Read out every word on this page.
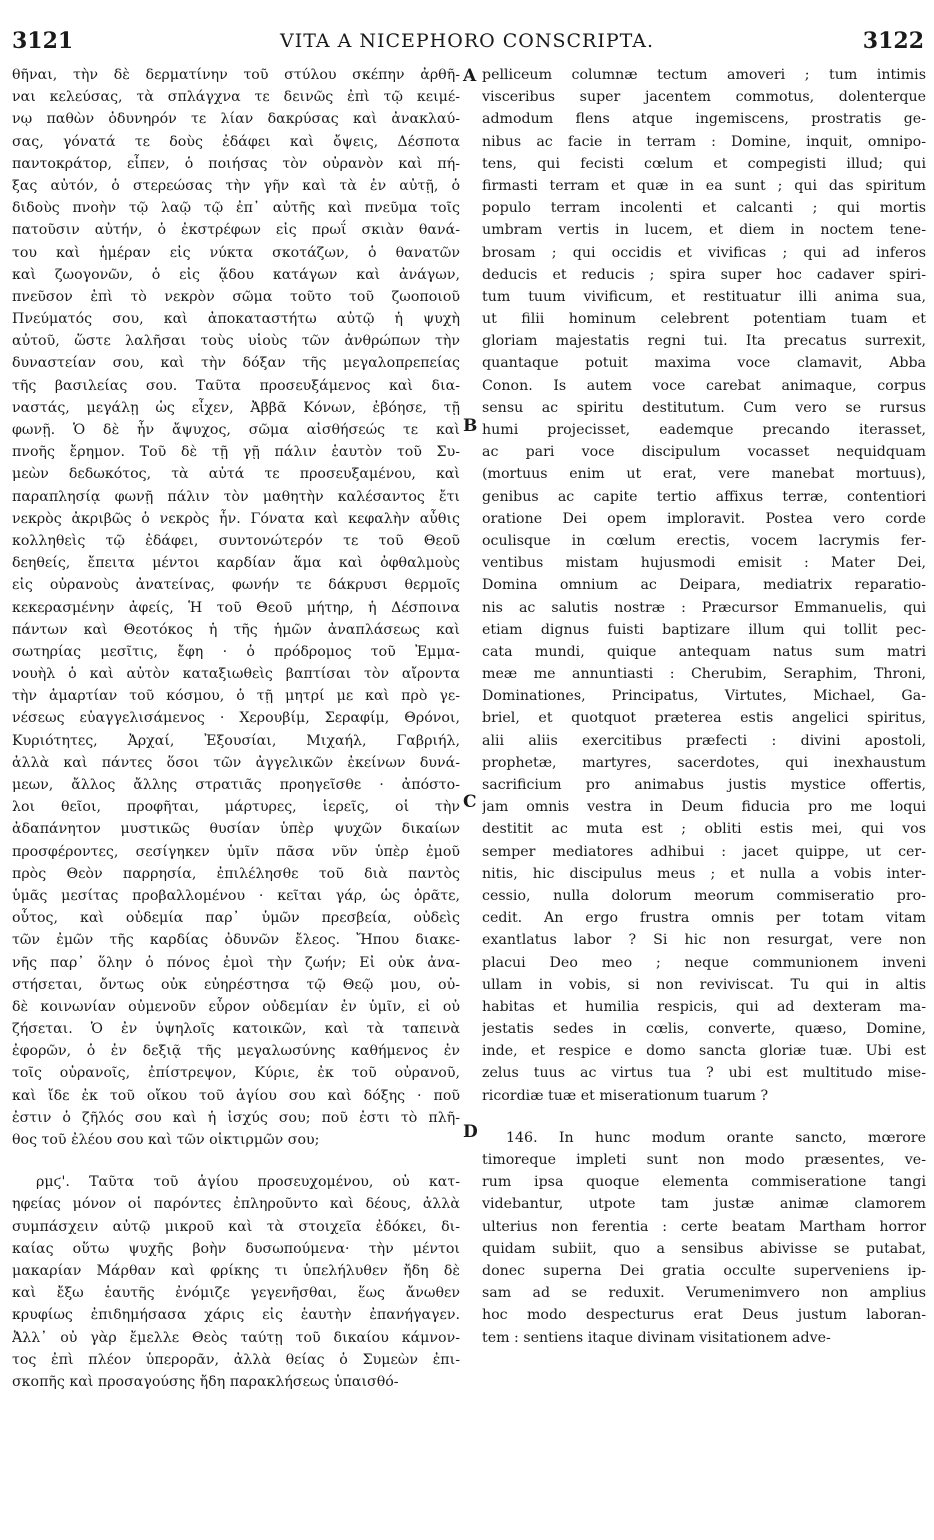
3121	VITA A NICEPHORO CONSCRIPTA.	3122
A
B
C
D
θῆναι, τὴν δὲ δερματίνην τοῦ στύλου σκέπην ἀρθῆ-
ναι κελεύσας, τὰ σπλάγχνα τε δεινῶς ἐπὶ τῷ κειμέ-
νῳ παθὼν ὀδυνηρόν τε λίαν δακρύσας καὶ ἀνακλαύ-
σας, γόνατά τε δοὺς ἐδάφει καὶ ὄψεις, Δέσποτα
παντοκράτορ, εἶπεν, ὁ ποιήσας τὸν οὐρανὸν καὶ πή-
ξας αὐτόν, ὁ στερεώσας τὴν γῆν καὶ τὰ ἐν αὐτῇ, ὁ
διδοὺς πνοὴν τῷ λαῷ τῷ ἐπ᾿ αὐτῆς καὶ πνεῦμα τοῖς
πατοῦσιν αὐτήν, ὁ ἐκστρέφων εἰς πρωΐ σκιὰν θανά-
του καὶ ἡμέραν εἰς νύκτα σκοτάζων, ὁ θανατῶν
καὶ ζωογονῶν, ὁ εἰς ᾅδου κατάγων καὶ ἀνάγων,
πνεῦσον ἐπὶ τὸ νεκρὸν σῶμα τοῦτο τοῦ ζωοποιοῦ
Πνεύματός σου, καὶ ἀποκαταστήτω αὐτῷ ἡ ψυχὴ
αὐτοῦ, ὥστε λαλῆσαι τοὺς υἱοὺς τῶν ἀνθρώπων τὴν
δυναστείαν σου, καὶ τὴν δόξαν τῆς μεγαλοπρεπείας
τῆς βασιλείας σου. Ταῦτα προσευξάμενος καὶ δια-
ναστάς, μεγάλῃ ὡς εἶχεν, Ἀββᾶ Κόνων, ἐβόησε, τῇ
φωνῇ. Ὁ δὲ ἦν ἄψυχος, σῶμα αἰσθήσεώς τε καὶ
πνοῆς ἔρημον. Τοῦ δὲ τῇ γῇ πάλιν ἑαυτὸν τοῦ Συ-
μεὼν δεδωκότος, τὰ αὐτά τε προσευξαμένου, καὶ
παραπλησίᾳ φωνῇ πάλιν τὸν μαθητὴν καλέσαντος ἔτι
νεκρὸς ἀκριβῶς ὁ νεκρὸς ἦν. Γόνατα καὶ κεφαλὴν αὖθις
κολληθεὶς τῷ ἐδάφει, συντονώτερόν τε τοῦ Θεοῦ
δεηθείς, ἔπειτα μέντοι καρδίαν ἅμα καὶ ὀφθαλμοὺς
εἰς οὐρανοὺς ἀνατείνας, φωνήν τε δάκρυσι θερμοῖς
κεκερασμένην ἀφείς, Ἡ τοῦ Θεοῦ μήτηρ, ἡ Δέσποινα
πάντων καὶ Θεοτόκος ἡ τῆς ἡμῶν ἀναπλάσεως καὶ
σωτηρίας μεσῖτις, ἔφη · ὁ πρόδρομος τοῦ Ἐμμα-
νουὴλ ὁ καὶ αὐτὸν καταξιωθεὶς βαπτίσαι τὸν αἴροντα
τὴν ἁμαρτίαν τοῦ κόσμου, ὁ τῇ μητρί με καὶ πρὸ γε-
νέσεως εὐαγγελισάμενος · Χερουβίμ, Σεραφίμ, Θρόνοι,
Κυριότητες, Ἀρχαί, Ἐξουσίαι, Μιχαήλ, Γαβριήλ,
ἀλλὰ καὶ πάντες ὅσοι τῶν ἀγγελικῶν ἐκείνων δυνά-
μεων, ἄλλος ἄλλης στρατιᾶς προηγεῖσθε · ἀπόστο-
λοι θεῖοι, προφῆται, μάρτυρες, ἱερεῖς, οἱ τὴν
ἀδαπάνητον μυστικῶς θυσίαν ὑπὲρ ψυχῶν δικαίων
προσφέροντες, σεσίγηκεν ὑμῖν πᾶσα νῦν ὑπὲρ ἐμοῦ
πρὸς Θεὸν παρρησία, ἐπιλέλησθε τοῦ διὰ παντὸς
ὑμᾶς μεσίτας προβαλλομένου · κεῖται γάρ, ὡς ὁρᾶτε,
οὗτος, καὶ οὐδεμία παρ᾿ ὑμῶν πρεσβεία, οὐδεὶς
τῶν ἐμῶν τῆς καρδίας ὀδυνῶν ἔλεος. Ἤπου διακε-
νῆς παρ᾿ ὅλην ὁ πόνος ἐμοὶ τὴν ζωήν; Εἰ οὐκ ἀνα-
στήσεται, ὄντως οὐκ εὐηρέστησα τῷ Θεῷ μου, οὐ-
δὲ κοινωνίαν οὐμενοῦν εὗρον οὐδεμίαν ἐν ὑμῖν, εἰ οὐ
ζήσεται. Ὁ ἐν ὑψηλοῖς κατοικῶν, καὶ τὰ ταπεινὰ
ἐφορῶν, ὁ ἐν δεξιᾷ τῆς μεγαλωσύνης καθήμενος ἐν
τοῖς οὐρανοῖς, ἐπίστρεψον, Κύριε, ἐκ τοῦ οὐρανοῦ,
καὶ ἴδε ἐκ τοῦ οἴκου τοῦ ἁγίου σου καὶ δόξης · ποῦ
ἐστιν ὁ ζῆλός σου καὶ ἡ ἰσχύς σου; ποῦ ἐστι τὸ πλῆ-
θος τοῦ ἐλέου σου καὶ τῶν οἰκτιρμῶν σου;
ρμϛ'. Ταῦτα τοῦ ἁγίου προσευχομένου, οὐ κατ-
ηφείας μόνον οἱ παρόντες ἐπληροῦντο καὶ δέους, ἀλλὰ
συμπάσχειν αὐτῷ μικροῦ καὶ τὰ στοιχεῖα ἐδόκει, δι-
καίας οὕτω ψυχῆς βοὴν δυσωπούμενα· τὴν μέντοι
μακαρίαν Μάρθαν καὶ φρίκης τι ὑπελήλυθεν ἤδη δὲ
καὶ ἔξω ἑαυτῆς ἐνόμιζε γεγενῆσθαι, ἕως ἄνωθεν
κρυφίως ἐπιδημήσασα χάρις εἰς ἑαυτὴν ἐπανήγαγεν.
Ἀλλ᾿ οὐ γὰρ ἔμελλε Θεὸς ταύτῃ τοῦ δικαίου κάμνον-
τος ἐπὶ πλέον ὑπερορᾶν, ἀλλὰ θείας ὁ Συμεὼν ἐπι-
σκοπῆς καὶ προσαγούσης ἤδη παρακλήσεως ὑπαισθό-
pelliceum columnæ tectum amoveri ; tum intimis
visceribus super jacentem commotus, dolenterque
admodum flens atque ingemiscens, prostratis ge-
nibus ac facie in terram : Domine, inquit, omnipo-
tens, qui fecisti cœlum et compegisti illud; qui
firmasti terram et quæ in ea sunt ; qui das spiritum
populo terram incolenti et calcanti ; qui mortis
umbram vertis in lucem, et diem in noctem tene-
brosam ; qui occidis et vivificas ; qui ad inferos
deducis et reducis ; spira super hoc cadaver spiri-
tum tuum vivificum, et restituatur illi anima sua,
ut filii hominum celebrent potentiam tuam et
gloriam majestatis regni tui. Ita precatus surrexit,
quantaque potuit maxima voce clamavit, Abba
Conon. Is autem voce carebat animaque, corpus
sensu ac spiritu destitutum. Cum vero se rursus
humi projecisset, eademque precando iterasset,
ac pari voce discipulum vocasset nequidquam
(mortuus enim ut erat, vere manebat mortuus),
genibus ac capite tertio affixus terræ, contentiori
oratione Dei opem imploravit. Postea vero corde
oculisque in cœlum erectis, vocem lacrymis fer-
ventibus mistam hujusmodi emisit : Mater Dei,
Domina omnium ac Deipara, mediatrix reparatio-
nis ac salutis nostræ : Præcursor Emmanuelis, qui
etiam dignus fuisti baptizare illum qui tollit pec-
cata mundi, quique antequam natus sum matri
meæ me annuntiasti : Cherubim, Seraphim, Throni,
Dominationes, Principatus, Virtutes, Michael, Ga-
briel, et quotquot præterea estis angelici spiritus,
alii aliis exercitibus præfecti : divini apostoli,
prophetæ, martyres, sacerdotes, qui inexhaustum
sacrificium pro animabus justis mystice offertis,
jam omnis vestra in Deum fiducia pro me loqui
destitit ac muta est ; obliti estis mei, qui vos
semper mediatores adhibui : jacet quippe, ut cer-
nitis, hic discipulus meus ; et nulla a vobis inter-
cessio, nulla dolorum meorum commiseratio pro-
cedit. An ergo frustra omnis per totam vitam
exantlatus labor ? Si hic non resurgat, vere non
placui Deo meo ; neque communionem inveni
ullam in vobis, si non reviviscat. Tu qui in altis
habitas et humilia respicis, qui ad dexteram ma-
jestatis sedes in cœlis, converte, quæso, Domine,
inde, et respice e domo sancta gloriæ tuæ. Ubi est
zelus tuus ac virtus tua ? ubi est multitudo mise-
ricordiæ tuæ et miserationum tuarum ?
146. In hunc modum orante sancto, mœrore
timoreque impleti sunt non modo præsentes, ve-
rum ipsa quoque elementa commiseratione tangi
videbantur, utpote tam justæ animæ clamorem
ulterius non ferentia : certe beatam Martham horror
quidam subiit, quo a sensibus abivisse se putabat,
donec superna Dei gratia occulte superveniens ip-
sam ad se reduxit. Verumenimvero non amplius
hoc modo despecturus erat Deus justum laboran-
tem : sentiens itaque divinam visitationem adve-
